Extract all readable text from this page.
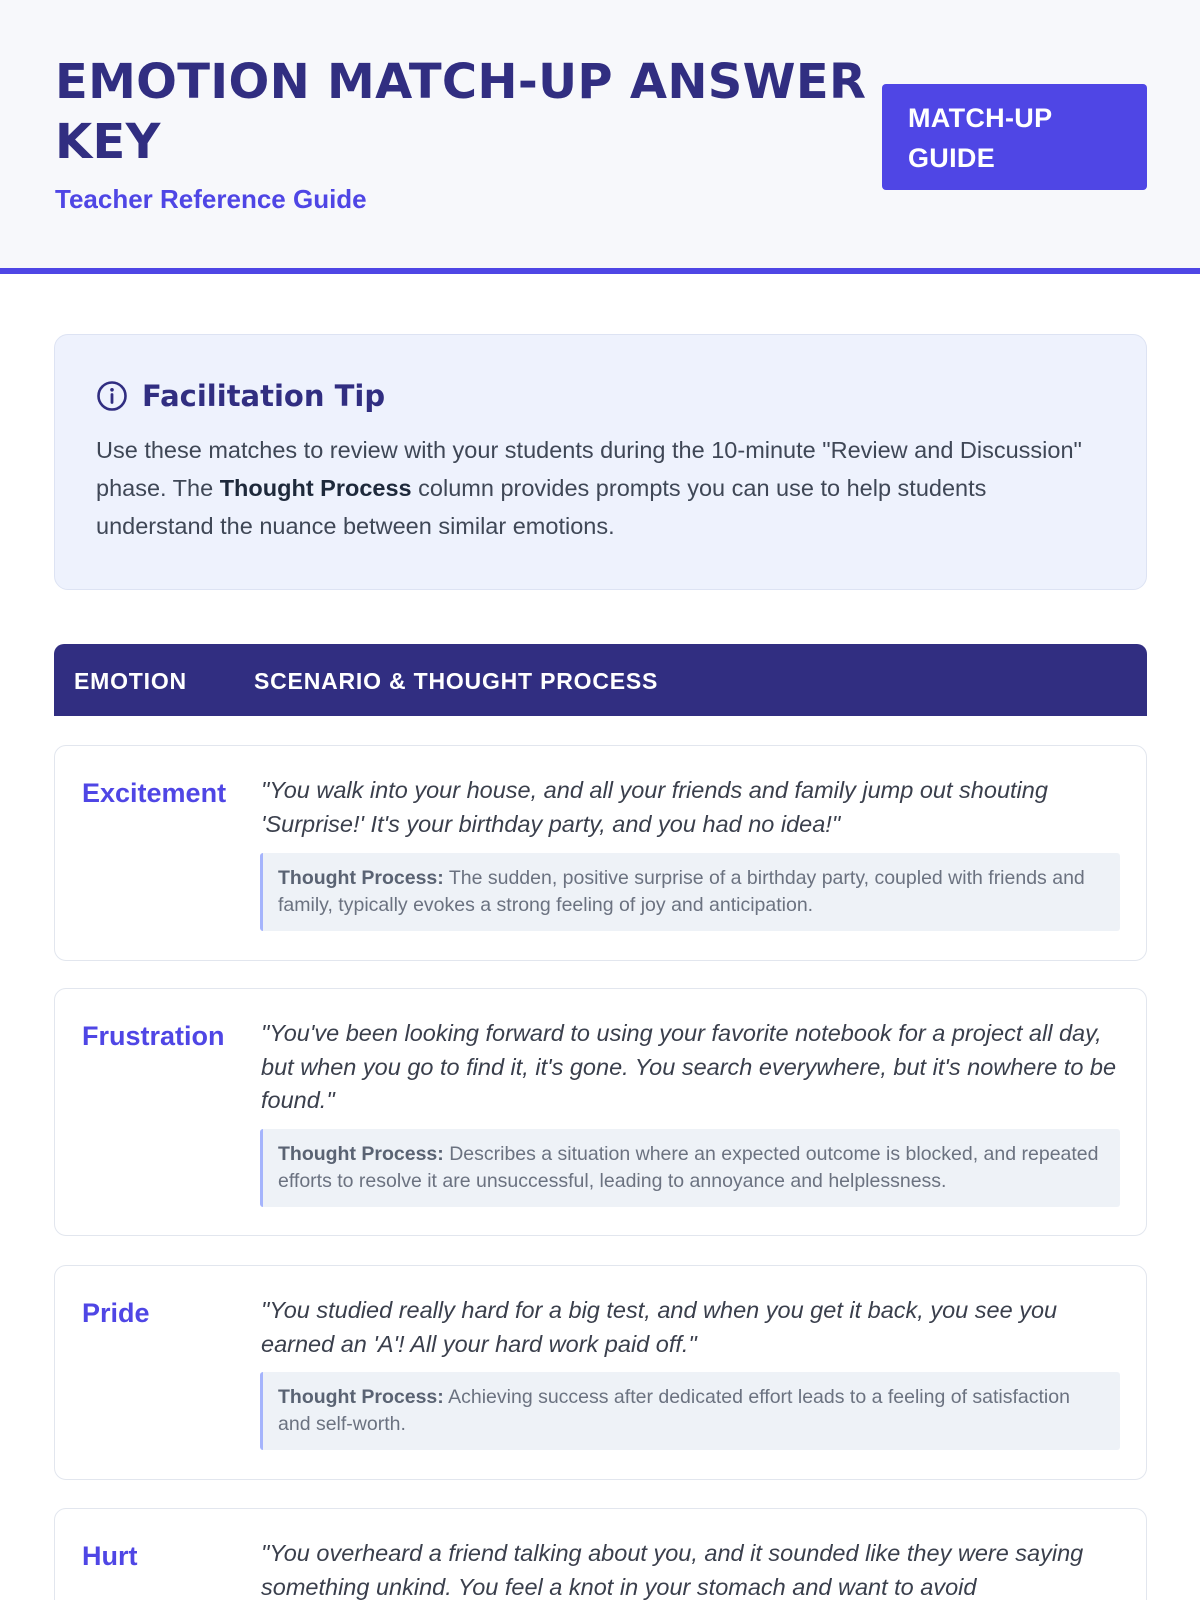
EMOTION MATCH-UP ANSWER KEY
Teacher Reference Guide
MATCH-UP GUIDE
Facilitation Tip

Use these matches to review with your students during the 10-minute "Review and Discussion" phase. The Thought Process column provides prompts you can use to help students understand the nuance between similar emotions.

EMOTION	SCENARIO & THOUGHT PROCESS
Excitement "You walk into your house, and all your friends and family jump out shouting 'Surprise!' It's your birthday party, and you had no idea!"
Thought Process: The sudden, positive surprise of a birthday party, coupled with friends and family, typically evokes a strong feeling of joy and anticipation.
Frustration "You've been looking forward to using your favorite notebook for a project all day, but when you go to find it, it's gone. You search everywhere, but it's nowhere to be found."
Thought Process: Describes a situation where an expected outcome is blocked, and repeated efforts to resolve it are unsuccessful, leading to annoyance and helplessness.
Pride	"You studied really hard for a big test, and when you get it back, you see you earned an 'A'! All your hard work paid off."
Thought Process: Achieving success after dedicated effort leads to a feeling of satisfaction and self-worth.
Hurt	"You overheard a friend talking about you, and it sounded like they were saying something unkind. You feel a knot in your stomach and want to avoid
